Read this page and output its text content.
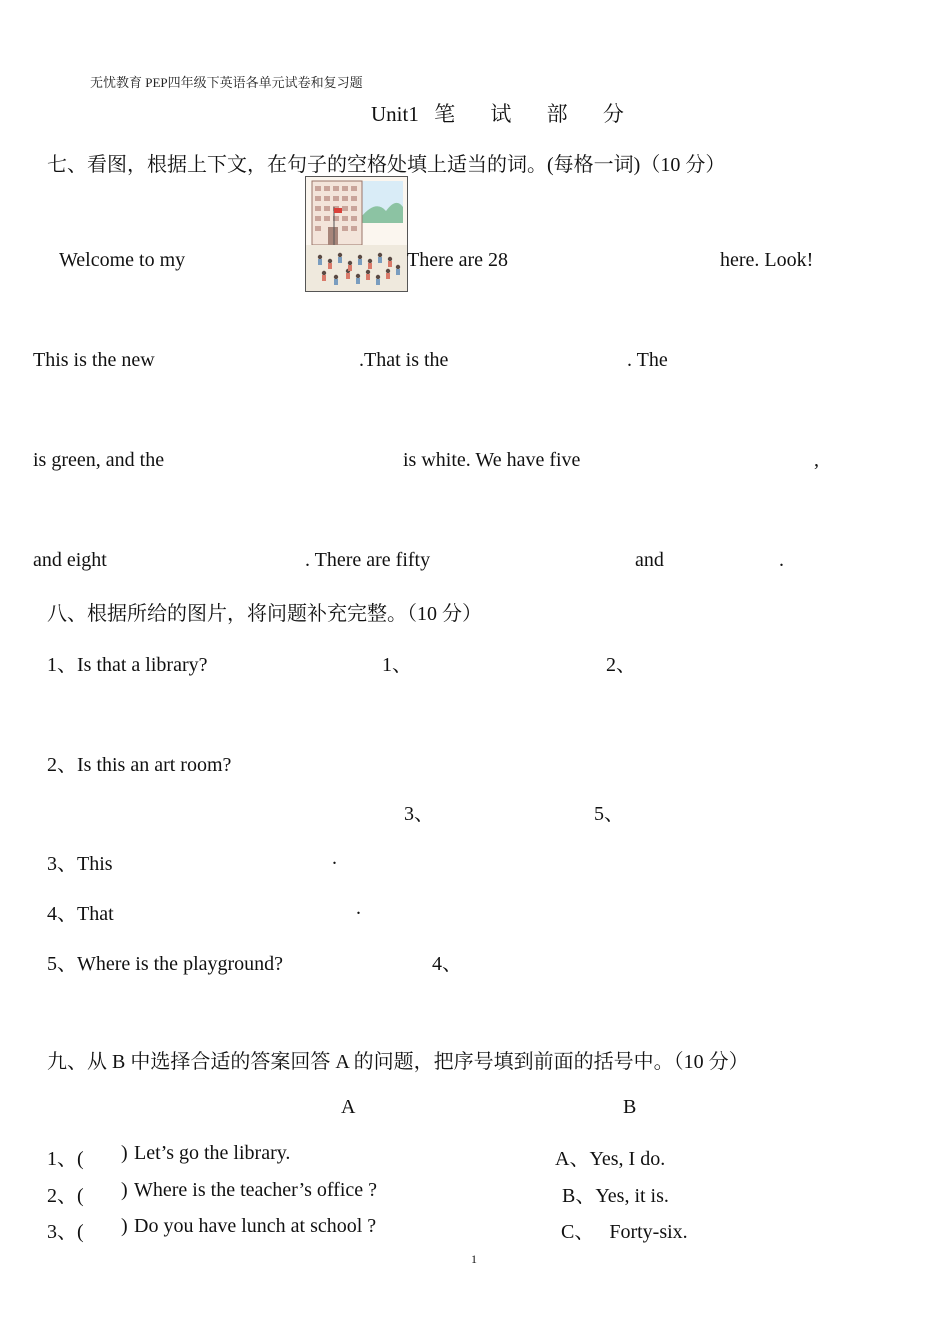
无忧教育 PEP四年级下英语各单元试卷和复习题
Unit1 笔 试 部 分
七、看图，根据上下文，在句子的空格处填上适当的词。(每格一词)（10 分）
Welcome to my	There are 28	here. Look!
This is the new	.That is the	. The
is green, and the	is white. We have five	,
and eight	. There are fifty	and	.
八、根据所给的图片，将问题补充完整。（10 分）
1、Is that a library?	1、	2、
2、Is this an art room?
3、	5、
3、This	.
4、That	.
5、Where is the playground?	4、
九、从 B 中选择合适的答案回答 A 的问题，把序号填到前面的括号中。（10 分）
A	B
1、( ) Let’s go the library.	A、Yes, I do.
2、( ) Where is the teacher’s office ?	B、Yes, it is.
3、( ) Do you have lunch at school ?	C、   Forty-six.
1
